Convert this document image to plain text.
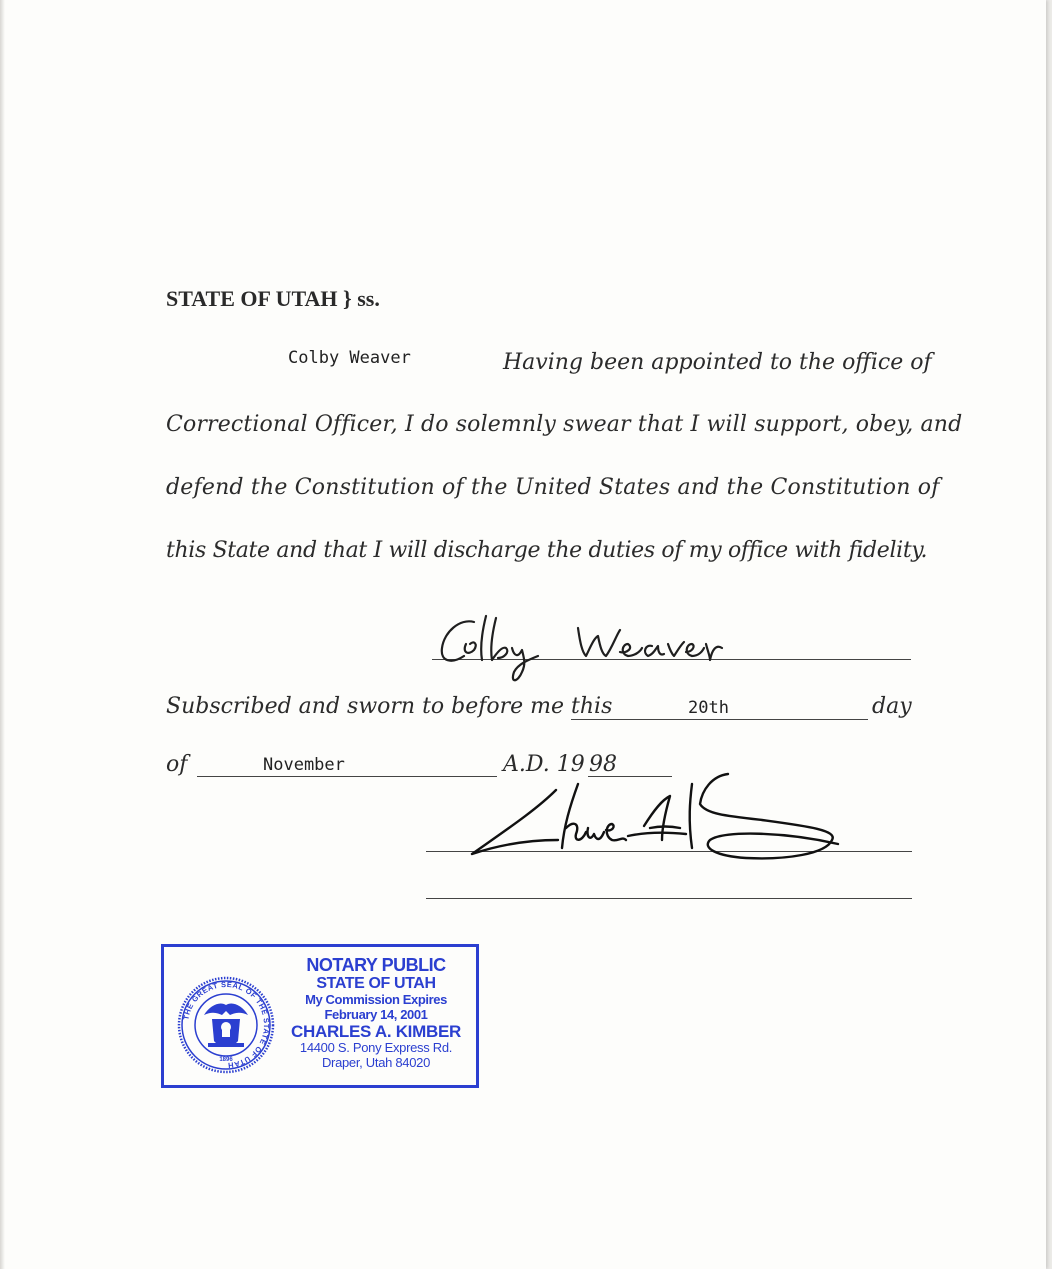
STATE OF UTAH } ss.
Colby Weaver	Having been appointed to the office of
Correctional Officer, I do solemnly swear that I will support, obey, and
defend the Constitution of the United States and the Constitution of
this State and that I will discharge the duties of my office with fidelity.
Subscribed and sworn to before me this	20th	day
of	November	A.D. 19 98
THE GREAT SEAL OF THE STATE OF UTAH
1896
NOTARY PUBLIC
STATE OF UTAH
My Commission Expires
February 14, 2001
CHARLES A. KIMBER
14400 S. Pony Express Rd.
Draper, Utah 84020
